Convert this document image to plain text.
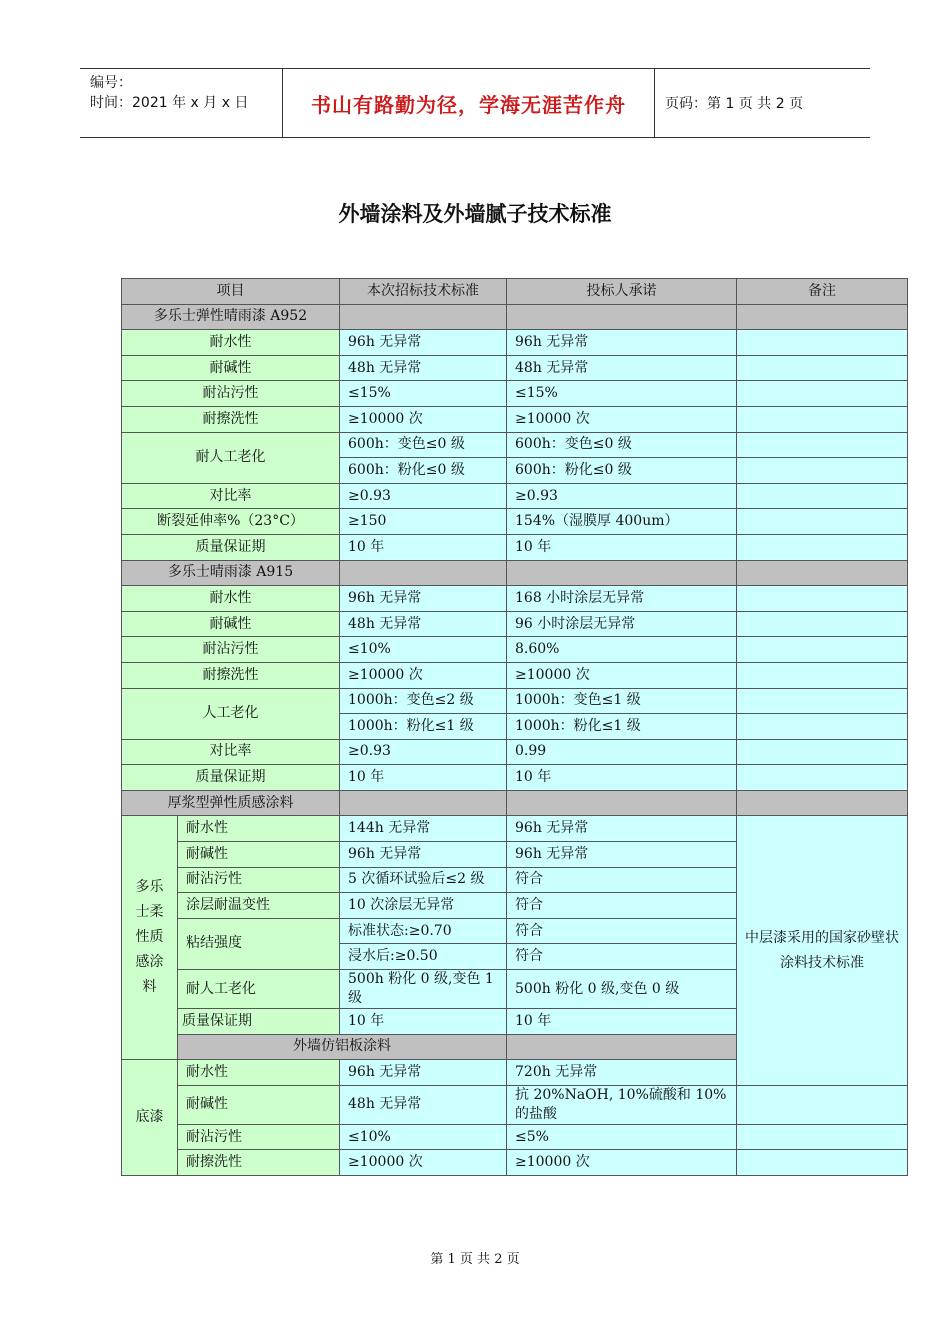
编号：
时间：2021 年 x 月 x 日	书山有路勤为径，学海无涯苦作舟	页码：第 1 页 共 2 页
外墙涂料及外墙腻子技术标准
项目		本次招标技术标准	投标人承诺	备注	
多乐士弹性晴雨漆 A952					
耐水性		96h 无异常	96h 无异常		
耐碱性		48h 无异常	48h 无异常		
耐沾污性		≤15%	≤15%		
耐擦洗性		≥10000 次	≥10000 次		
耐人工老化		600h：变色≤0 级	600h：变色≤0 级		
		600h：粉化≤0 级	600h：粉化≤0 级		
对比率		≥0.93	≥0.93		
断裂延伸率%（23°C）		≥150	154%（湿膜厚 400um）		
质量保证期		10 年	10 年		
多乐士晴雨漆 A915					
耐水性		96h 无异常	168 小时涂层无异常		
耐碱性		48h 无异常	96 小时涂层无异常		
耐沾污性		≤10%	8.60%		
耐擦洗性		≥10000 次	≥10000 次		
人工老化		1000h：变色≤2 级	1000h：变色≤1 级		
		1000h：粉化≤1 级	1000h：粉化≤1 级		
对比率		≥0.93	0.99		
质量保证期		10 年	10 年		
厚浆型弹性质感涂料					
多乐士柔性质感涂料	耐水性	144h 无异常	96h 无异常	中层漆采用的国家砂壁状涂料技术标准	
	耐碱性	96h 无异常	96h 无异常		
	耐沾污性	5 次循环试验后≤2 级	符合		
	涂层耐温变性	10 次涂层无异常	符合		
	粘结强度	标准状态:≥0.70	符合		
		浸水后:≥0.50	符合		
	耐人工老化	500h 粉化 0 级,变色 1 级	500h 粉化 0 级,变色 0 级		
	质量保证期	10 年	10 年		
	外墙仿铝板涂料				
底漆	耐水性	96h 无异常	720h 无异常		
	耐碱性	48h 无异常	抗 20%NaOH, 10%硫酸和 10%的盐酸		
	耐沾污性	≤10%	≤5%		
	耐擦洗性	≥10000 次	≥10000 次		
第 1 页 共 2 页
